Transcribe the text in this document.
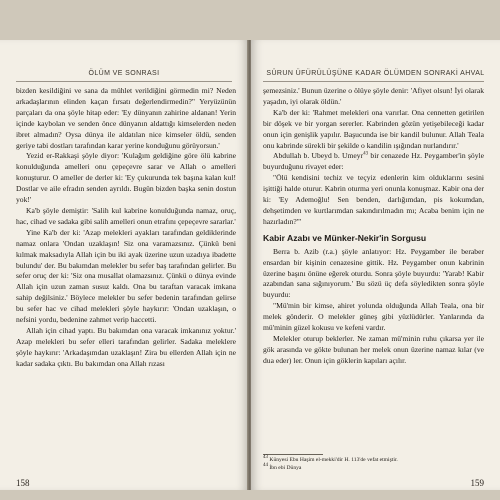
ÖLÜM VE SONRASI

bizden kesildiğini ve sana da mühlet verildiğini görmedin mi? Neden arkadaşlarının elinden kaçan fırsatı değerlendirmedin?" Yeryüzünün parçaları da ona şöyle hitap eder: 'Ey dünyanın zahirine aldanan! Yerin içinde kaybolan ve senden önce dünyanın aldattığı kimselerden neden ibret almadın? Oysa dünya ile aldatılan nice kimseler öldü, senden geriye tabi dostları tarafından karar yerine konduğunu görüyorsun.'

Yezid er-Rakkaşi şöyle diyor: 'Kulağım geldiğine göre ölü kabrine konulduğunda amelleri onu çepeçevre sarar ve Allah o amelleri konuşturur. O ameller de derler ki: 'Ey çukurunda tek başına kalan kul! Dostlar ve aile efradın senden ayrıldı. Bugün bizden başka senin dostun yok!'

Ka'b şöyle demiştir: 'Salih kul kabrine konulduğunda namaz, oruç, hac, cihad ve sadaka gibi salih amelleri onun etrafını çepeçevre sararlar.'

Yine Ka'b der ki: 'Azap melekleri ayakları tarafından geldiklerinde namaz onlara 'Ondan uzaklaşın! Siz ona varamazsınız. Çünkü beni kılmak maksadıyla Allah için bu iki ayak üzerine uzun uzadıya ibadette bulundu' der. Bu bakımdan melekler bu sefer baş tarafından gelirler. Bu sefer oruç der ki: 'Siz ona musallat olamazsınız. Çünkü o dünya evinde Allah için uzun zaman susuz kaldı. Ona bu taraftan varacak imkana sahip değilsiniz.' Böylece melekler bu sefer bedenin tarafından gelirse bu sefer hac ve cihad melekleri şöyle haykırır: 'Ondan uzaklaşın, o nefsini yordu, bedenine zahmet verip haccetti.

Allah için cihad yaptı. Bu bakımdan ona varacak imkanınız yoktur.' Azap melekleri bu sefer elleri tarafından gelirler. Sadaka meleklere şöyle haykırır: 'Arkadaşımdan uzaklaşın! Zira bu ellerden Allah için ne kadar sadaka çıktı. Bu bakımdan ona Allah rızası

158
SÛRUN ÜFÜRÜLÜŞÜNE KADAR ÖLÜMDEN SONRAKİ AHVAL

şemezsiniz.' Bunun üzerine o ölüye şöyle denir: 'Afiyet olsun! İyi olarak yaşadın, iyi olarak öldün.'

Ka'b der ki: 'Rahmet melekleri ona varırlar. Ona cennetten getirilen bir döşek ve bir yorgan sererler. Kabrinden gözün yetişebileceği kadar onun için genişlik yapılır. Başucunda ise bir kandil bulunur. Allah Teala onu kabrinde sürekli bir şekilde o kandilin ışığından nurlandırır.'

Abdullah b. Ubeyd b. Umeyr$^{43}$ bir cenazede Hz. Peygamber'in şöyle buyurduğunu rivayet eder:

"Ölü kendisini techiz ve teçyiz edenlerin kim olduklarını sesini işittiği halde oturur. Kabrin oturma yeri onunla konuşmaz. Kabir ona der ki: 'Ey Ademoğlu! Sen benden, darlığımdan, pis kokumdan, dehşetimden ve kurtlarımdan sakındırılmadın mı; Acaba benim için ne hazırladın?'"

Kabir Azabı ve Münker-Nekir'in Sorgusu

Berra b. Azib (r.a.) şöyle anlatıyor: Hz. Peygamber ile beraber ensardan bir kişinin cenazesine gittik. Hz. Peygamber onun kabrinin üzerine başını önüne eğerek oturdu. Sonra şöyle buyurdu: 'Yarab! Kabir azabından sana sığınıyorum.' Bu sözü üç defa söyledikten sonra şöyle buyurdu:

"Mü'min bir kimse, ahiret yolunda olduğunda Allah Teala, ona bir melek gönderir. O melekler güneş gibi yüzlüdürler. Yanlarında da mü'minin güzel kokusu ve kefeni vardır.

Melekler oturup beklerler. Ne zaman mü'minin ruhu çıkarsa yer ile gök arasında ve gökte bulunan her melek onun üzerine namaz kılar (ve dua eder) ler. Onun için göklerin kapıları açılır.

$^{43}$ Künyesi Ebu Haşim el-mekki'dir H. 113'de vefat etmiştir.
$^{44}$ İbn ebi Dünya
159
